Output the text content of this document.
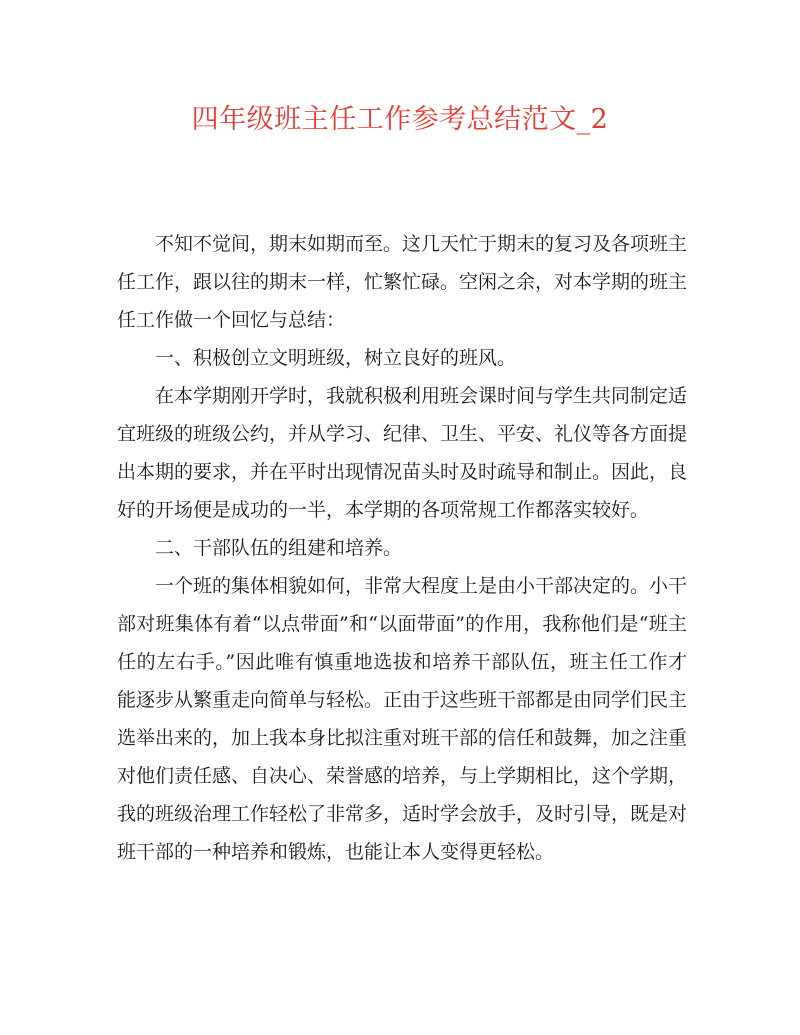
四年级班主任工作参考总结范文_2

不知不觉间，期末如期而至。这几天忙于期末的复习及各项班主任工作，跟以往的期末一样，忙繁忙碌。空闲之余，对本学期的班主任工作做一个回忆与总结：

一、积极创立文明班级，树立良好的班风。

在本学期刚开学时，我就积极利用班会课时间与学生共同制定适宜班级的班级公约，并从学习、纪律、卫生、平安、礼仪等各方面提出本期的要求，并在平时出现情况苗头时及时疏导和制止。因此，良好的开场便是成功的一半，本学期的各项常规工作都落实较好。

二、干部队伍的组建和培养。

一个班的集体相貌如何，非常大程度上是由小干部决定的。小干部对班集体有着“以点带面”和“以面带面”的作用，我称他们是“班主任的左右手。”因此唯有慎重地选拔和培养干部队伍，班主任工作才能逐步从繁重走向简单与轻松。正由于这些班干部都是由同学们民主选举出来的，加上我本身比拟注重对班干部的信任和鼓舞，加之注重对他们责任感、自决心、荣誉感的培养，与上学期相比，这个学期，我的班级治理工作轻松了非常多，适时学会放手，及时引导，既是对班干部的一种培养和锻炼，也能让本人变得更轻松。
